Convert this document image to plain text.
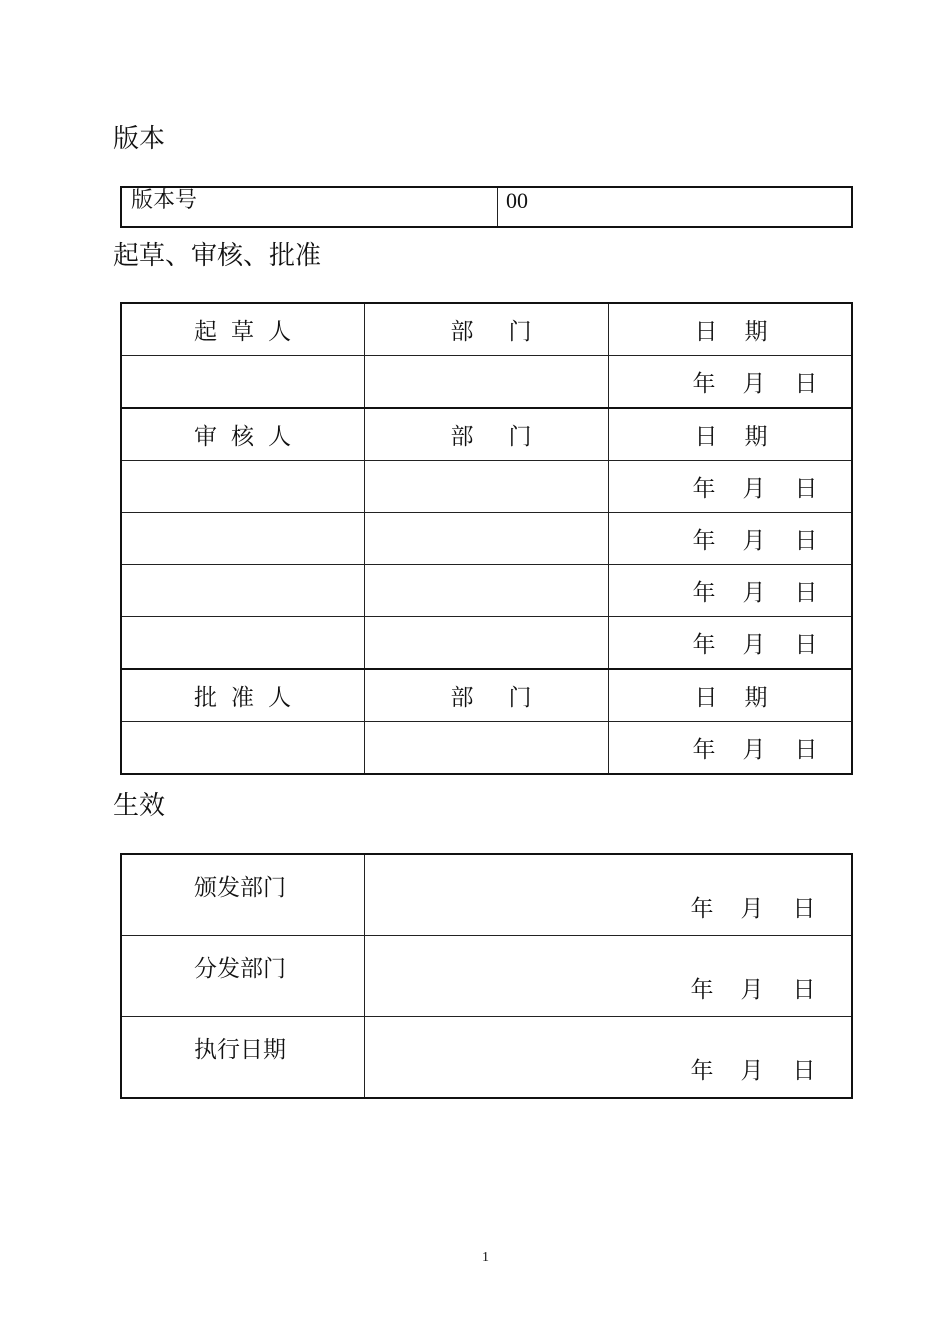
版本
版本号	00
起草、审核、批准
起 草 人	部 门	日 期
		年 月 日
审 核 人	部 门	日 期
		年 月 日
		年 月 日
		年 月 日
		年 月 日
批 准 人	部 门	日 期
		年 月 日
生效
颁发部门	年 月 日

分发部门	年 月 日

执行日期	年 月 日
1
